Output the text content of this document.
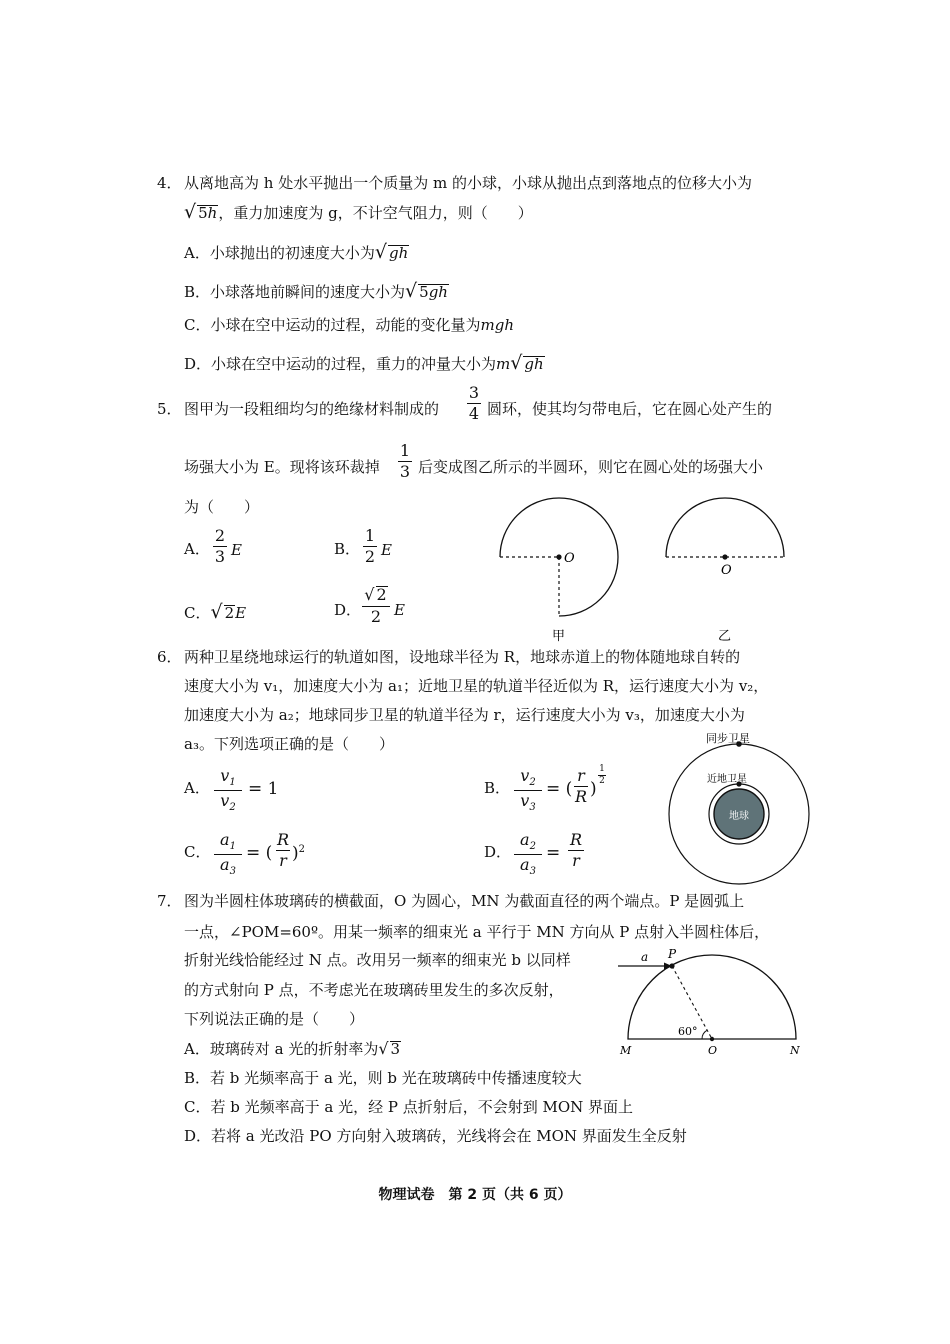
4． 从离地高为 h 处水平抛出一个质量为 m 的小球，小球从抛出点到落地点的位移大小为
√ 5h，重力加速度为 g，不计空气阻力，则（　　）
A．小球抛出的初速度大小为√ gh
B．小球落地前瞬间的速度大小为√ 5gh
C．小球在空中运动的过程，动能的变化量为mgh
D．小球在空中运动的过程，重力的冲量大小为m√ gh
5． 图甲为一段粗细均匀的绝缘材料制成的
3
4 圆环，使其均匀带电后，它在圆心处产生的
场强大小为 E。现将该环裁掉
1
3 后变成图乙所示的半圆环，则它在圆心处的场强大小
为（　　）
A．
2
3 E	B．
1
2 E
C．√ 2E	D．
√ 2
2 E
O
甲
O
乙
6． 两种卫星绕地球运行的轨道如图，设地球半径为 R，地球赤道上的物体随地球自转的
速度大小为 v₁，加速度大小为 a₁；近地卫星的轨道半径近似为 R，运行速度大小为 v₂，
加速度大小为 a₂；地球同步卫星的轨道半径为 r，运行速度大小为 v₃，加速度大小为
a₃。下列选项正确的是（　　）
A．
$v_1$
$v_2$
= 1	B．
$v_2$
$v_3$
= (
r
R )
1
2
C．
$a_1$
$a_3$
= (
R
r )$^2$	D．
$a_2$
$a_3$
=
R
r
同步卫星
近地卫星
地球
7． 图为半圆柱体玻璃砖的横截面，O 为圆心，MN 为截面直径的两个端点。P 是圆弧上
一点，∠POM=60º。用某一频率的细束光 a 平行于 MN 方向从 P 点射入半圆柱体后，
折射光线恰能经过 N 点。改用另一频率的细束光 b 以同样
的方式射向 P 点，不考虑光在玻璃砖里发生的多次反射，
下列说法正确的是（　　）
A．玻璃砖对 a 光的折射率为√ 3
B．若 b 光频率高于 a 光，则 b 光在玻璃砖中传播速度较大
C．若 b 光频率高于 a 光，经 P 点折射后，不会射到 MON 界面上
D．若将 a 光改沿 PO 方向射入玻璃砖，光线将会在 MON 界面发生全反射
a P
60°
M	O	N
物理试卷　第 2 页（共 6 页）
